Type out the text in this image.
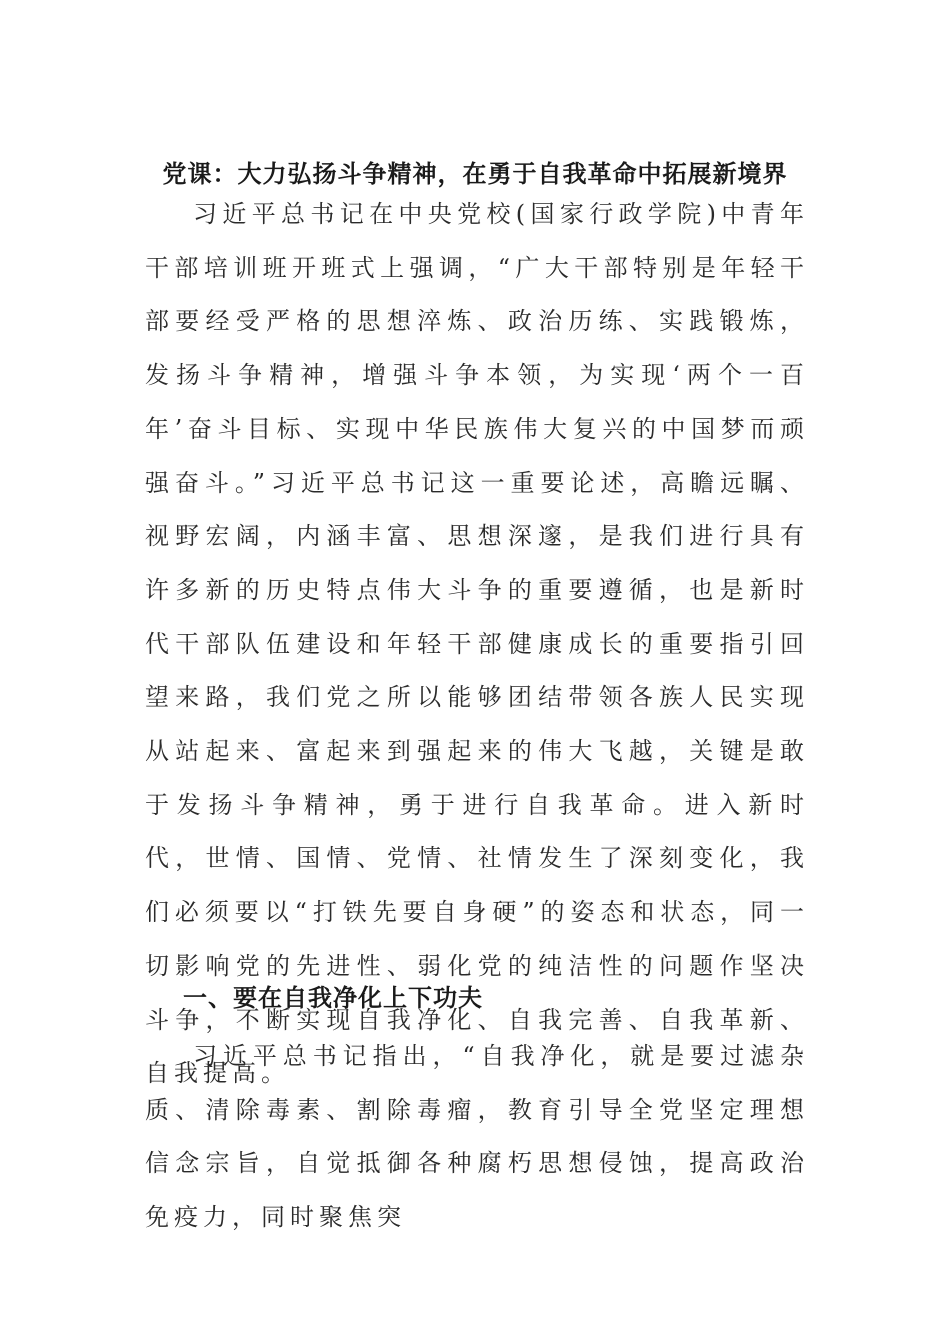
党课：大力弘扬斗争精神，在勇于自我革命中拓展新境界

习近平总书记在中央党校(国家行政学院)中青年干部培训班开班式上强调，“广大干部特别是年轻干部要经受严格的思想淬炼、政治历练、实践锻炼，发扬斗争精神，增强斗争本领，为实现‘两个一百年’奋斗目标、实现中华民族伟大复兴的中国梦而顽强奋斗。”习近平总书记这一重要论述，高瞻远瞩、视野宏阔，内涵丰富、思想深邃，是我们进行具有许多新的历史特点伟大斗争的重要遵循，也是新时代干部队伍建设和年轻干部健康成长的重要指引回望来路，我们党之所以能够团结带领各族人民实现从站起来、富起来到强起来的伟大飞越，关键是敢于发扬斗争精神，勇于进行自我革命。进入新时代，世情、国情、党情、社情发生了深刻变化，我们必须要以“打铁先要自身硬”的姿态和状态，同一切影响党的先进性、弱化党的纯洁性的问题作坚决斗争，不断实现自我净化、自我完善、自我革新、自我提高。

一、要在自我净化上下功夫

习近平总书记指出，“自我净化，就是要过滤杂质、清除毒素、割除毒瘤，教育引导全党坚定理想信念宗旨，自觉抵御各种腐朽思想侵蚀，提高政治免疫力，同时聚焦突
